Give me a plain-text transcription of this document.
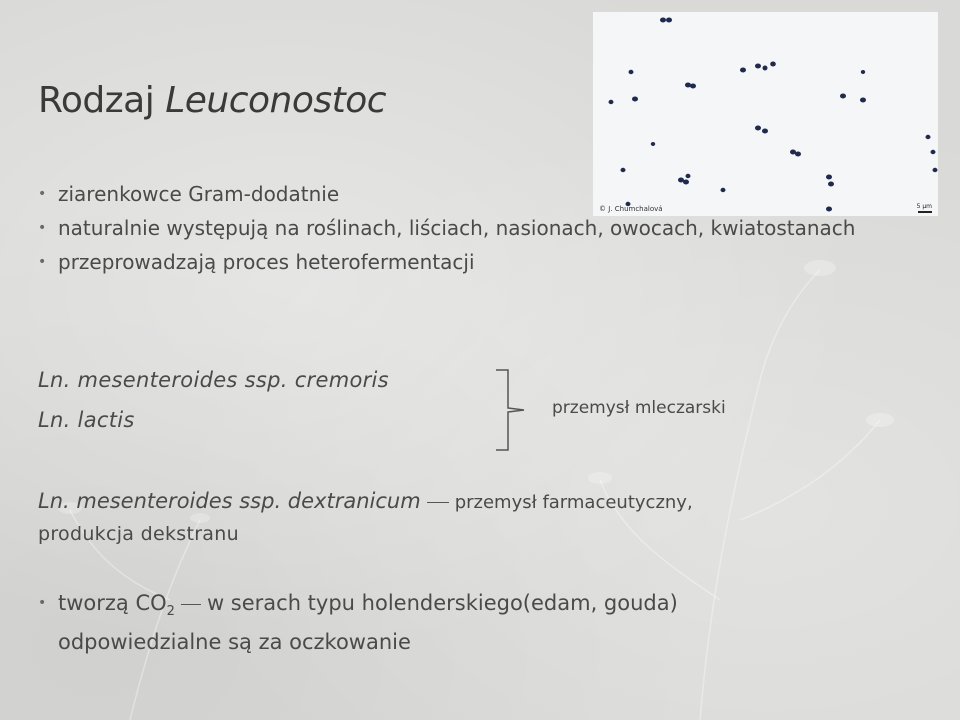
Rodzaj Leuconostoc
© J. Chumchalová	5 µm
• ziarenkowce Gram-dodatnie
• naturalnie występują na roślinach, liściach, nasionach, owocach, kwiatostanach
• przeprowadzają proces heterofermentacji
Ln. mesenteroides ssp. cremoris
Ln. lactis	przemysł mleczarski
Ln. mesenteroides ssp. dextranicum przemysł farmaceutyczny,
produkcja dekstranu
• tworzą $CO_2$ w serach typu holenderskiego(edam, gouda)
odpowiedzialne są za oczkowanie
